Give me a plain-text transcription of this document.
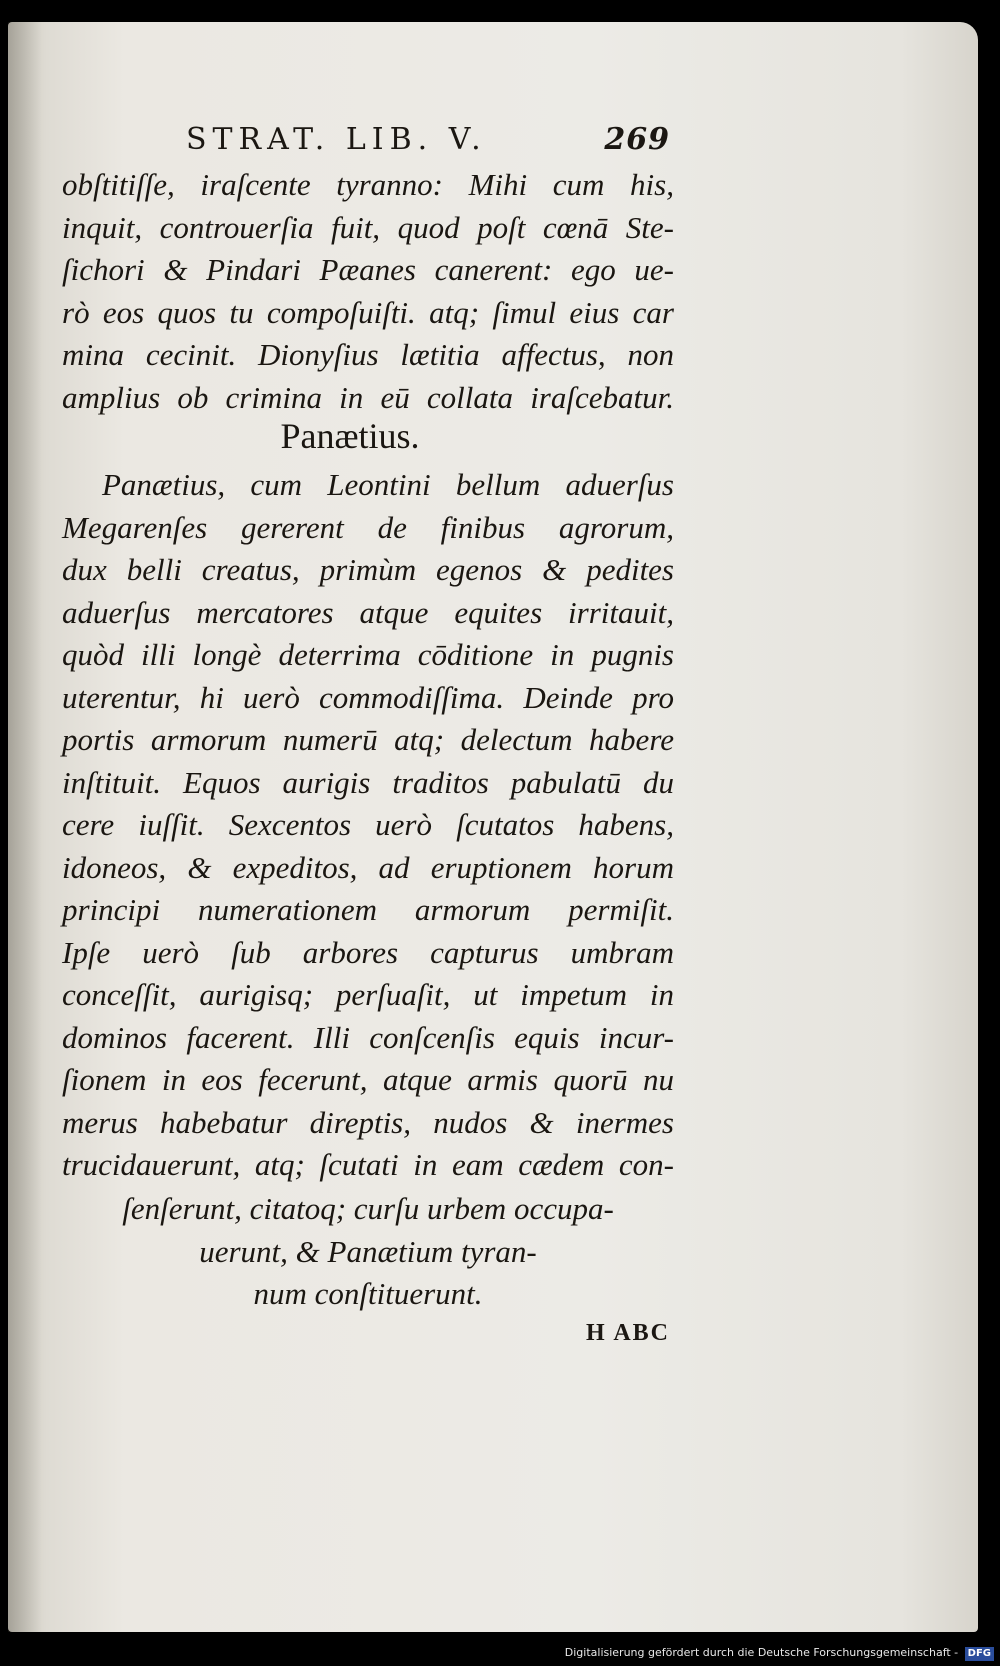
STRAT. LIB. V.	269
obſtitiſſe, iraſcente tyranno: Mihi cum his,
inquit, controuerſia fuit, quod poſt cœnā Ste-
ſichori & Pindari Pæanes canerent: ego ue-
rò eos quos tu compoſuiſti. atq; ſimul eius car
mina cecinit. Dionyſius lætitia affectus, non
amplius ob crimina in eū collata iraſcebatur.
Panætius.
Panætius, cum Leontini bellum aduerſus
Megarenſes gererent de finibus agrorum,
dux belli creatus, primùm egenos & pedites
aduerſus mercatores atque equites irritauit,
quòd illi longè deterrima cōditione in pugnis
uterentur, hi uerò commodiſſima. Deinde pro
portis armorum numerū atq; delectum habere
inſtituit. Equos aurigis traditos pabulatū du
cere iuſſit. Sexcentos uerò ſcutatos habens,
idoneos, & expeditos, ad eruptionem horum
principi numerationem armorum permiſit.
Ipſe uerò ſub arbores capturus umbram
conceſſit, aurigisq; perſuaſit, ut impetum in
dominos facerent. Illi conſcenſis equis incur-
ſionem in eos fecerunt, atque armis quorū nu
merus habebatur direptis, nudos & inermes
trucidauerunt, atq; ſcutati in eam cædem con-
ſenſerunt, citatoq; curſu urbem occupa-
uerunt, & Panætium tyran-
num conſtituerunt.
H ABC
Digitalisierung gefördert durch die Deutsche Forschungsgemeinschaft - DFG
